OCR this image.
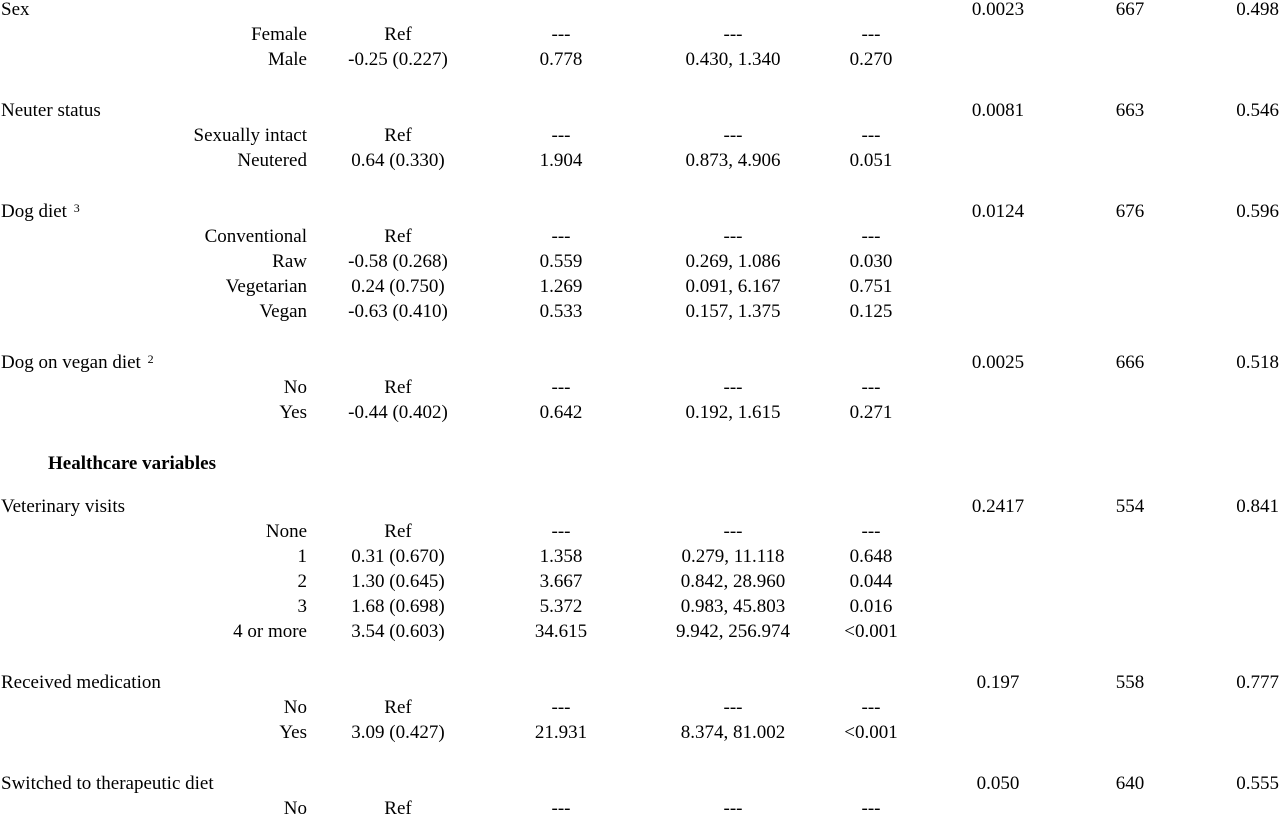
Sex	0.0023	667	0.498
Female	Ref	---	---	---
Male -0.25 (0.227)	0.778	0.430, 1.340	0.270
Neuter status	0.0081	663	0.546
Sexually intact	Ref	---	---	---
Neutered 0.64 (0.330)	1.904	0.873, 4.906	0.051
Dog diet $^3$	0.0124	676	0.596
Conventional	Ref	---	---	---
Raw -0.58 (0.268)	0.559	0.269, 1.086	0.030
Vegetarian 0.24 (0.750)	1.269	0.091, 6.167	0.751
Vegan -0.63 (0.410)	0.533	0.157, 1.375	0.125
Dog on vegan diet $^2$	0.0025	666	0.518
No	Ref	---	---	---
Yes -0.44 (0.402)	0.642	0.192, 1.615	0.271
Healthcare variables
Veterinary visits	0.2417	554	0.841
None	Ref	---	---	---
1 0.31 (0.670)	1.358	0.279, 11.118	0.648
2 1.30 (0.645)	3.667	0.842, 28.960	0.044
3 1.68 (0.698)	5.372	0.983, 45.803	0.016
4 or more 3.54 (0.603)	34.615	9.942, 256.974	<0.001
Received medication	0.197	558	0.777
No	Ref	---	---	---
Yes 3.09 (0.427)	21.931	8.374, 81.002	<0.001
Switched to therapeutic diet	0.050	640	0.555
No	Ref	---	---	---
